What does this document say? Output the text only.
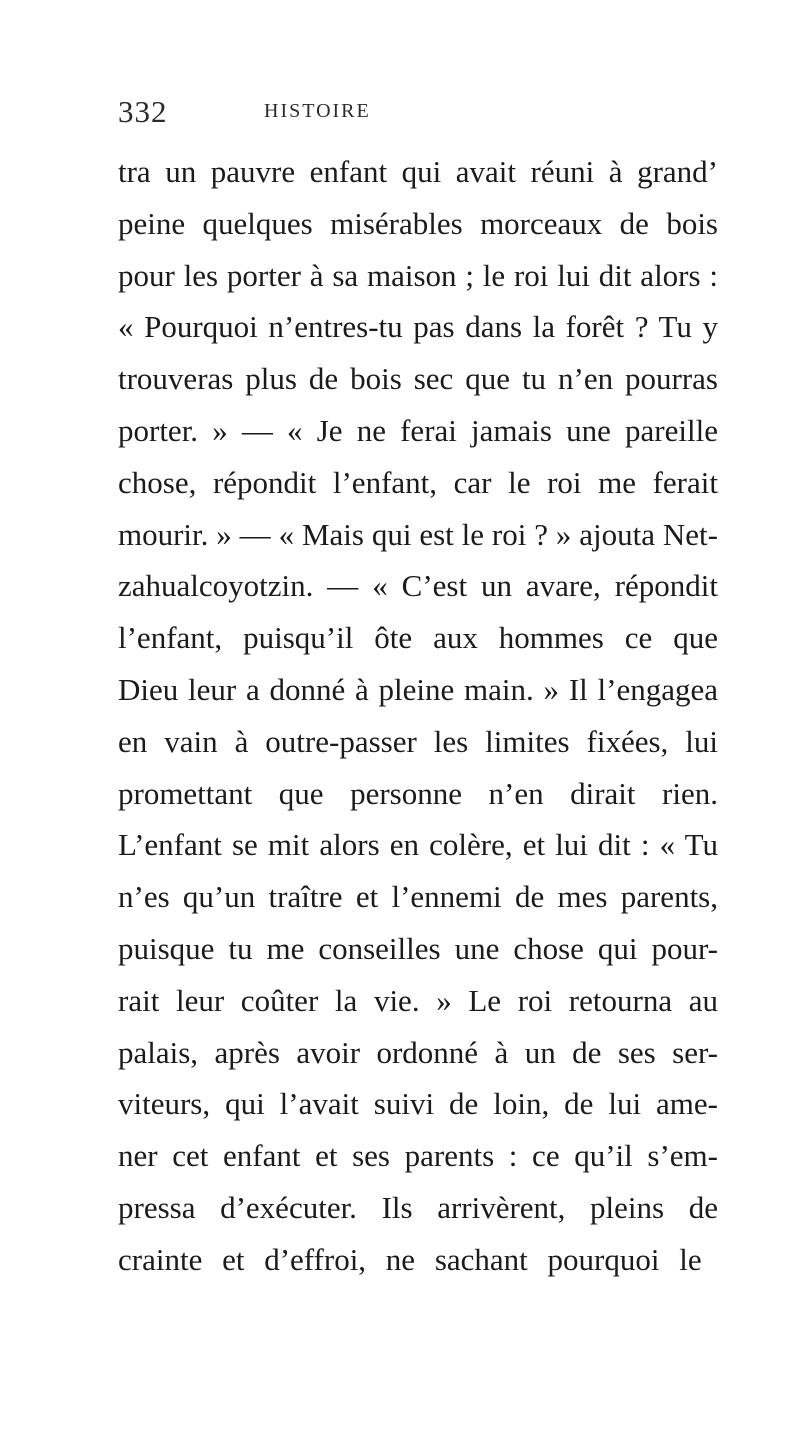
332	HISTOIRE
tra un pauvre enfant qui avait réuni à grand’
peine quelques misérables morceaux de bois
pour les porter à sa maison ; le roi lui dit alors :
« Pourquoi n’entres-tu pas dans la forêt ? Tu y
trouveras plus de bois sec que tu n’en pourras
porter. » — « Je ne ferai jamais une pareille
chose, répondit l’enfant, car le roi me ferait
mourir. » — « Mais qui est le roi ? » ajouta Net-
zahualcoyotzin. — « C’est un avare, répondit
l’enfant, puisqu’il ôte aux hommes ce que
Dieu leur a donné à pleine main. » Il l’engagea
en vain à outre-passer les limites fixées, lui
promettant que personne n’en dirait rien.
L’enfant se mit alors en colère, et lui dit : « Tu
n’es qu’un traître et l’ennemi de mes parents,
puisque tu me conseilles une chose qui pour-
rait leur coûter la vie. » Le roi retourna au
palais, après avoir ordonné à un de ses ser-
viteurs, qui l’avait suivi de loin, de lui ame-
ner cet enfant et ses parents : ce qu’il s’em-
pressa d’exécuter. Ils arrivèrent, pleins de
crainte et d’effroi, ne sachant pourquoi le
